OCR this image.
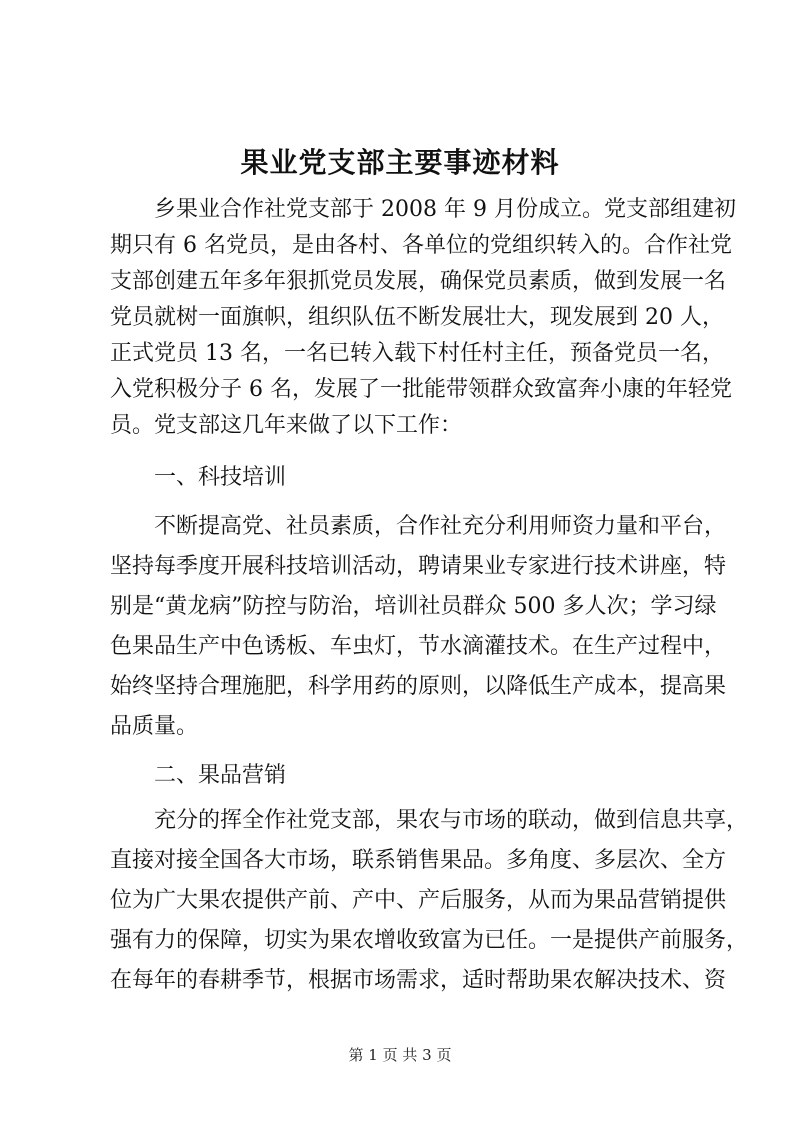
果业党支部主要事迹材料
乡果业合作社党支部于 2008 年 9 月份成立。党支部组建初
期只有 6 名党员，是由各村、各单位的党组织转入的。合作社党
支部创建五年多年狠抓党员发展，确保党员素质，做到发展一名
党员就树一面旗帜，组织队伍不断发展壮大，现发展到 20 人，
正式党员 13 名，一名已转入载下村任村主任，预备党员一名，
入党积极分子 6 名，发展了一批能带领群众致富奔小康的年轻党
员。党支部这几年来做了以下工作：
一、科技培训
不断提高党、社员素质，合作社充分利用师资力量和平台，
坚持每季度开展科技培训活动，聘请果业专家进行技术讲座，特
别是“黄龙病”防控与防治，培训社员群众 500 多人次；学习绿
色果品生产中色诱板、车虫灯，节水滴灌技术。在生产过程中，
始终坚持合理施肥，科学用药的原则，以降低生产成本，提高果
品质量。
二、果品营销
充分的挥全作社党支部，果农与市场的联动，做到信息共享，
直接对接全国各大市场，联系销售果品。多角度、多层次、全方
位为广大果农提供产前、产中、产后服务，从而为果品营销提供
强有力的保障，切实为果农增收致富为已任。一是提供产前服务，
在每年的春耕季节，根据市场需求，适时帮助果农解决技术、资
第 1 页 共 3 页
